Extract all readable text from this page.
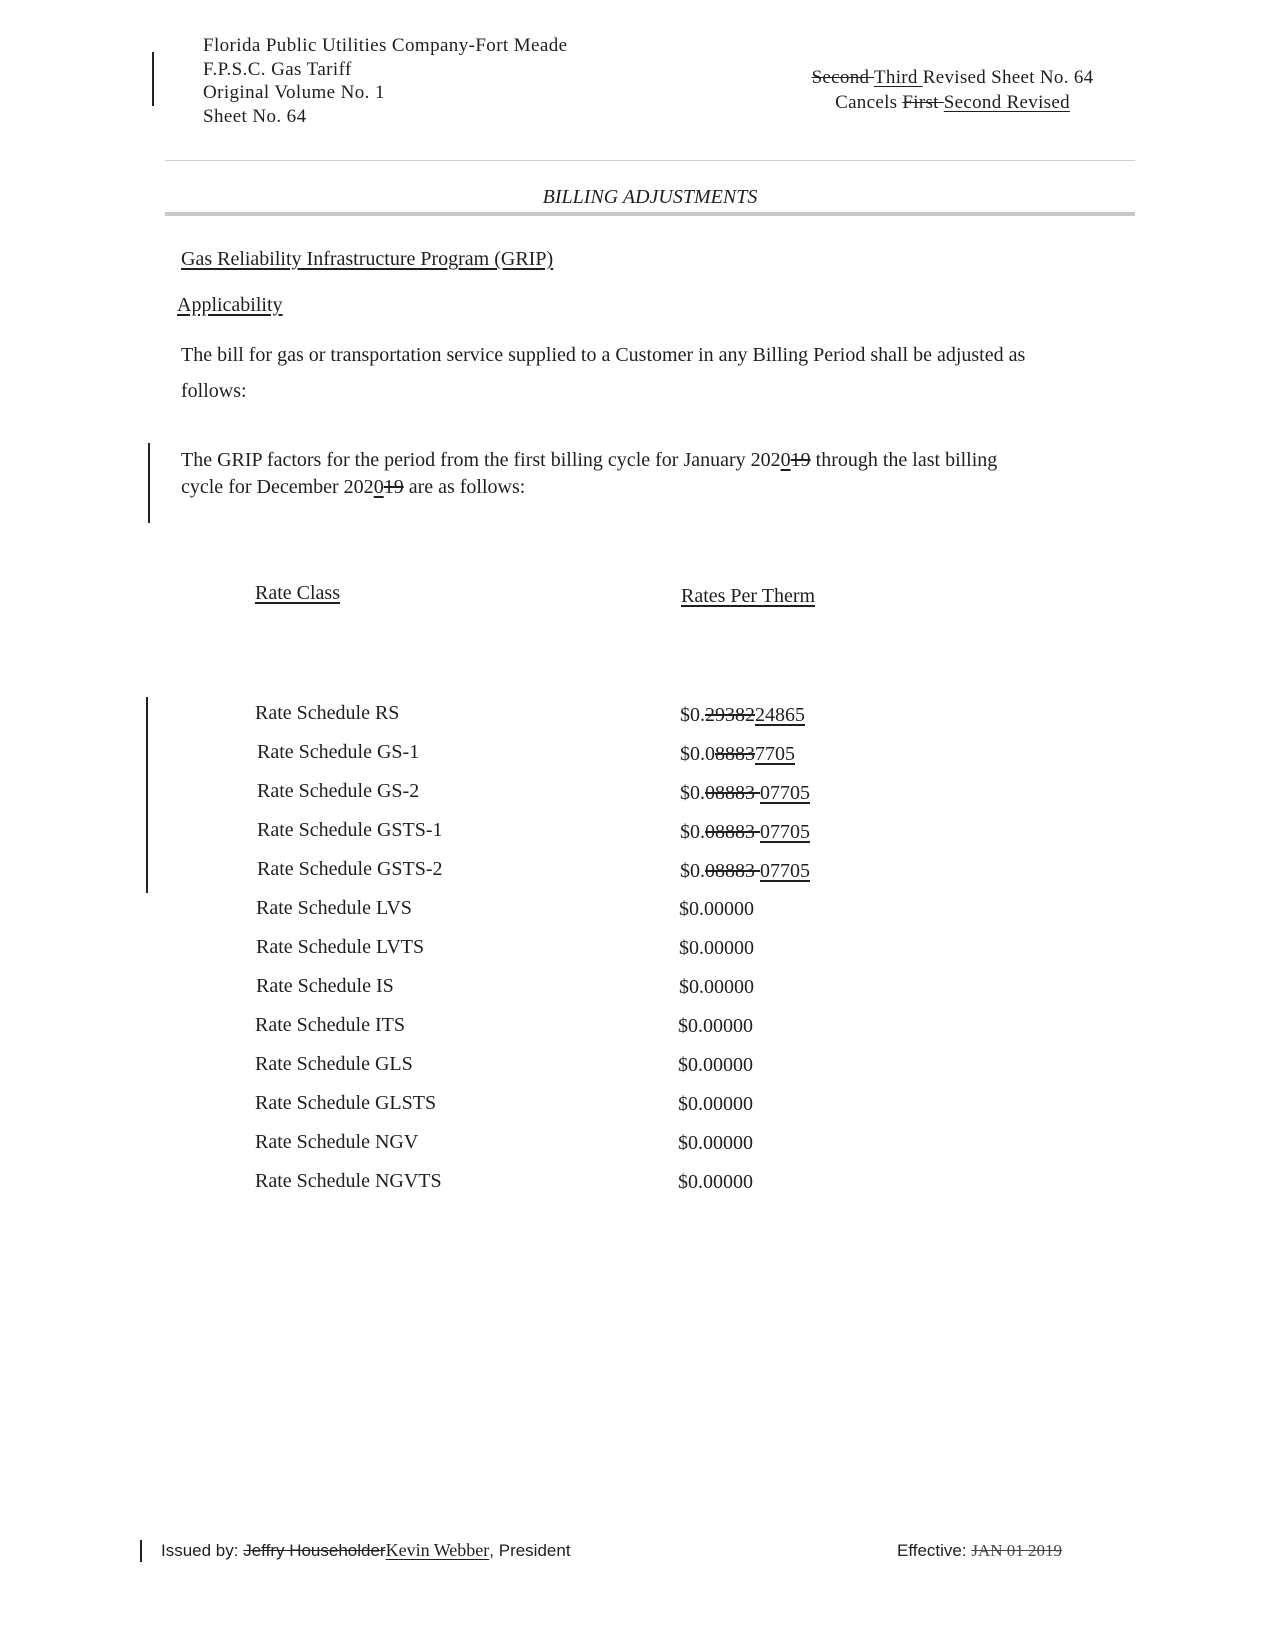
Florida Public Utilities Company-Fort Meade
F.P.S.C. Gas Tariff
Original Volume No. 1
Sheet No. 64
Second Third Revised Sheet No. 64
Cancels First Second Revised
BILLING ADJUSTMENTS
Gas Reliability Infrastructure Program (GRIP)
Applicability
The bill for gas or transportation service supplied to a Customer in any Billing Period shall be adjusted as follows:
The GRIP factors for the period from the first billing cycle for January 202019 through the last billing cycle for December 202019 are as follows:
Rate Class	Rates Per Therm
Rate Schedule RS	$0.2938224865
Rate Schedule GS-1	$0.088837705
Rate Schedule GS-2	$0.08883 07705
Rate Schedule GSTS-1	$0.08883 07705
Rate Schedule GSTS-2	$0.08883 07705
Rate Schedule LVS	$0.00000
Rate Schedule LVTS	$0.00000
Rate Schedule IS	$0.00000
Rate Schedule ITS	$0.00000
Rate Schedule GLS	$0.00000
Rate Schedule GLSTS	$0.00000
Rate Schedule NGV	$0.00000
Rate Schedule NGVTS	$0.00000
Issued by: Jeffry HouseholderKevin Webber, President	Effective: JAN 01 2019
